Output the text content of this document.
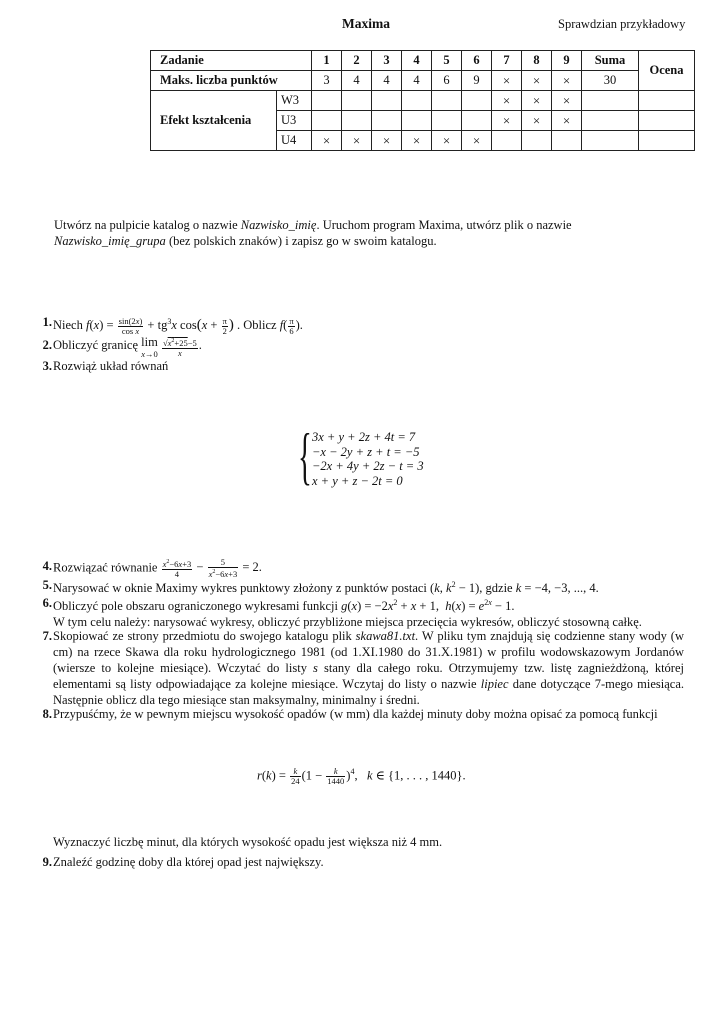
Maxima	Sprawdzian przykładowy
Zadanie		1	2	3	4	5	6	7	8	9	Suma	Ocena
Maks. liczba punktów		3	4	4	4	6	9	×	×	×	30	
Efekt kształcenia	W3							×	×	×		
	U3							×	×	×		
	U4	×	×	×	×	×	×					
Utwórz na pulpicie katalog o nazwie Nazwisko_imię. Uruchom program Maxima, utwórz plik o nazwie
Nazwisko_imię_grupa (bez polskich znaków) i zapisz go w swoim katalogu.
1. Niech $f(x) = \frac{\sin(2x)}{\text{cos x}} + tg^3x$ $\cos(x + \frac{\pi}{2}$ ) . Oblicz $f( \frac{\pi}{6}$ ).
2. Obliczyć granicę lim
$x\to 0 \frac{√x^2+25-5}{x}$ .
3. Rozwiąż układ równań
{ 3x + y + 2z + 4t = 7
−x − 2y + z + t = −5
−2x + 4y + 2z − t = 3
x + y + z − 2t = 0
4. Rozwiązać równanie $\frac{x^2-6x+3}{4} - \frac{5}{x^2-6x+3} = 2$.
5. Narysować w oknie Maximy wykres punktowy złożony z punktów postaci (k, $k^2 - 1$), gdzie k = −4, −3, ..., 4.
6. Obliczyć pole obszaru ograniczonego wykresami funkcji $g(x) = -2x^2 + x + 1$,  $h(x) = e^{2x} - 1$.
W tym celu należy: narysować wykresy, obliczyć przybliżone miejsca przecięcia wykresów, obliczyć stosowną całkę.
7. Skopiować ze strony przedmiotu do swojego katalogu plik skawa81.txt. W pliku tym znajdują się codzienne stany wody (w cm) na rzece Skawa dla roku hydrologicznego 1981 (od 1.XI.1980 do 31.X.1981) w profilu wodowskazowym Jordanów (wiersze to kolejne miesiące). Wczytać do listy s stany dla całego roku. Otrzymujemy tzw. listę zagnieżdżoną, której elementami są listy odpowiadające za kolejne miesiące. Wczytaj do listy o nazwie lipiec dane dotyczące 7-mego miesiąca. Następnie oblicz dla tego miesiące stan maksymalny, minimalny i średni.
8. Przypuśćmy, że w pewnym miejscu wysokość opadów (w mm) dla każdej minuty doby można opisać za pomocą funkcji
$r(k) = \frac{k}{24} (1 - \frac{k}{1440} )^4$,   k ∈ {1, . . . , 1440}.
Wyznaczyć liczbę minut, dla których wysokość opadu jest większa niż 4 mm.
9. Znaleźć godzinę doby dla której opad jest największy.
